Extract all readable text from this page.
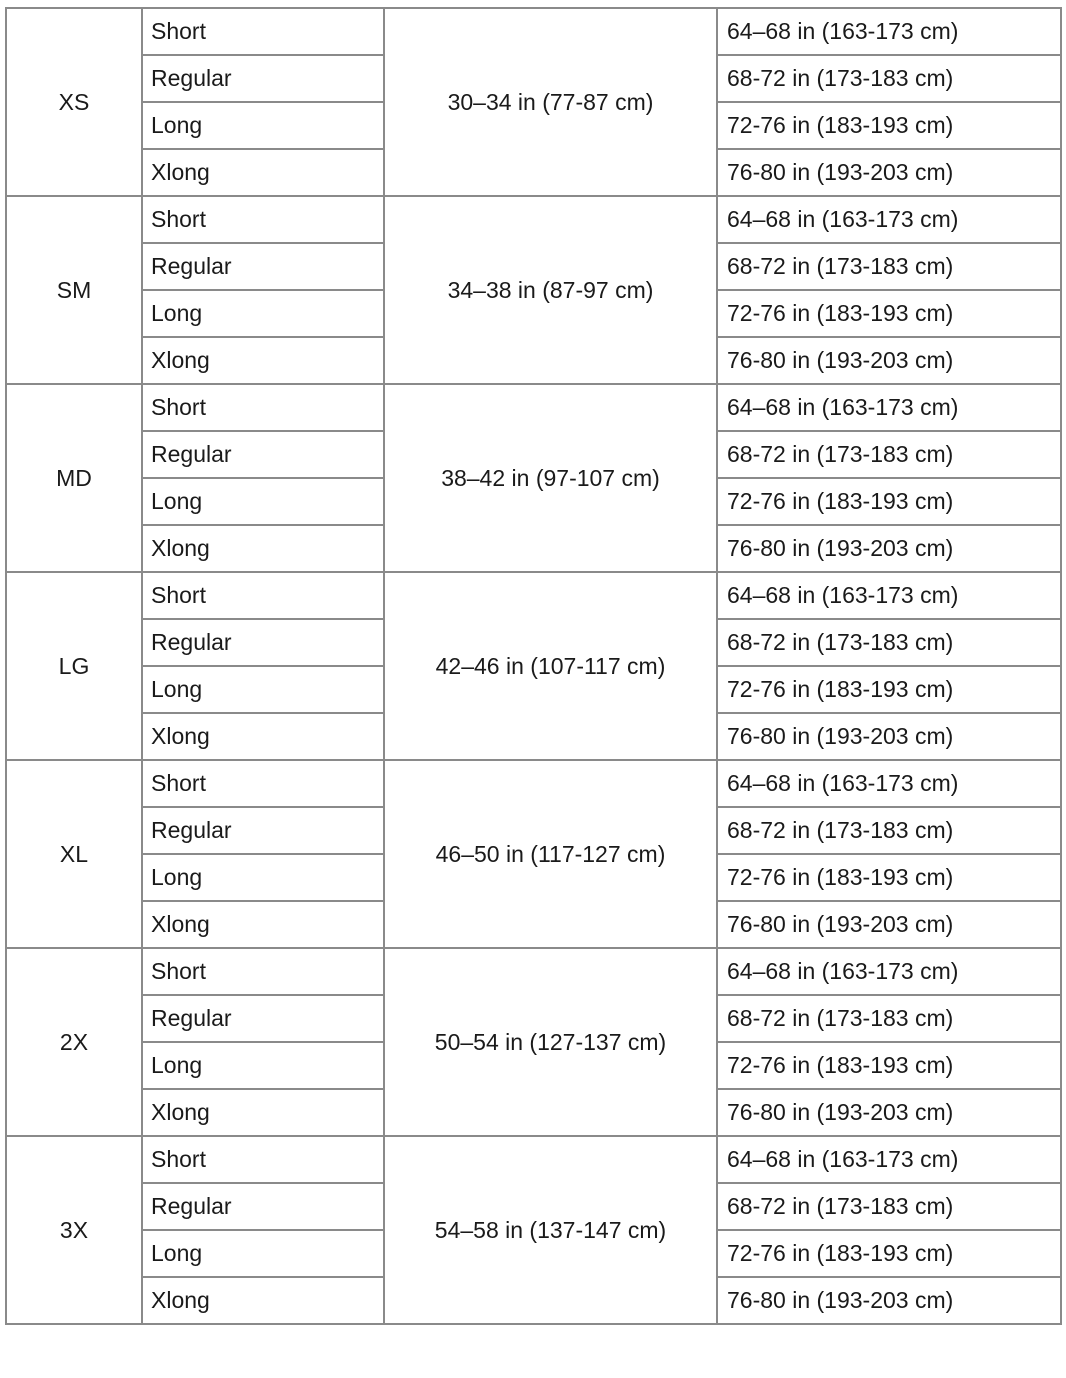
XS	Short	30–34 in (77-87 cm)	64–68 in (163-173 cm)
	Regular		68-72 in (173-183 cm)
	Long		72-76 in (183-193 cm)
	Xlong		76-80 in (193-203 cm)
SM	Short	34–38 in (87-97 cm)	64–68 in (163-173 cm)
	Regular		68-72 in (173-183 cm)
	Long		72-76 in (183-193 cm)
	Xlong		76-80 in (193-203 cm)
MD	Short	38–42 in (97-107 cm)	64–68 in (163-173 cm)
	Regular		68-72 in (173-183 cm)
	Long		72-76 in (183-193 cm)
	Xlong		76-80 in (193-203 cm)
LG	Short	42–46 in (107-117 cm)	64–68 in (163-173 cm)
	Regular		68-72 in (173-183 cm)
	Long		72-76 in (183-193 cm)
	Xlong		76-80 in (193-203 cm)
XL	Short	46–50 in (117-127 cm)	64–68 in (163-173 cm)
	Regular		68-72 in (173-183 cm)
	Long		72-76 in (183-193 cm)
	Xlong		76-80 in (193-203 cm)
2X	Short	50–54 in (127-137 cm)	64–68 in (163-173 cm)
	Regular		68-72 in (173-183 cm)
	Long		72-76 in (183-193 cm)
	Xlong		76-80 in (193-203 cm)
3X	Short	54–58 in (137-147 cm)	64–68 in (163-173 cm)
	Regular		68-72 in (173-183 cm)
	Long		72-76 in (183-193 cm)
	Xlong		76-80 in (193-203 cm)
